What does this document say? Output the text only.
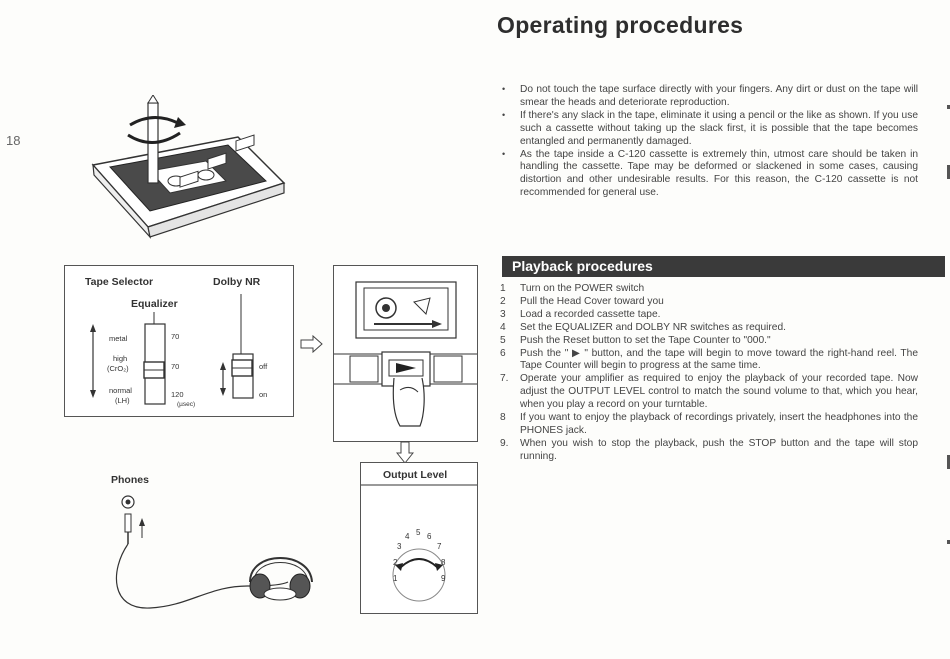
18
Operating procedures
• Do not touch the tape surface directly with your fingers. Any dirt or dust on the tape will smear the heads and deteriorate reproduction.
• If there's any slack in the tape, eliminate it using a pencil or the like as shown. If you use such a cassette without taking up the slack first, it is possible that the tape becomes entangled and permanently damaged.
• As the tape inside a C-120 cassette is extremely thin, utmost care should be taken in handling the cassette. Tape may be deformed or slackened in some cases, causing distortion and other undesirable results. For this reason, the C-120 cassette is not recommended for general use.
Playback procedures
1	Turn on the POWER switch
2	Pull the Head Cover toward you
3	Load a recorded cassette tape.
4	Set the EQUALIZER and DOLBY NR switches as required.
5	Push the Reset button to set the Tape Counter to "000."
6	Push the " ▶ " button, and the tape will begin to move toward the right-hand reel. The Tape Counter will begin to progress at the same time.
7.	Operate your amplifier as required to enjoy the playback of your recorded tape. Now adjust the OUTPUT LEVEL control to match the sound volume to that, which you hear, when you play a record on your turntable.
8	If you want to enjoy the playback of recordings privately, insert the headphones into the PHONES jack.
9.	When you wish to stop the playback, push the STOP button and the tape will stop running.
Tape Selector	Dolby NR
Equalizer
metal
high
(CrO₂)
normal
(LH)
70
70
120
(µsec)
off
on
Output Level
1
2
3
4 5 6
7
8
9
Phones
